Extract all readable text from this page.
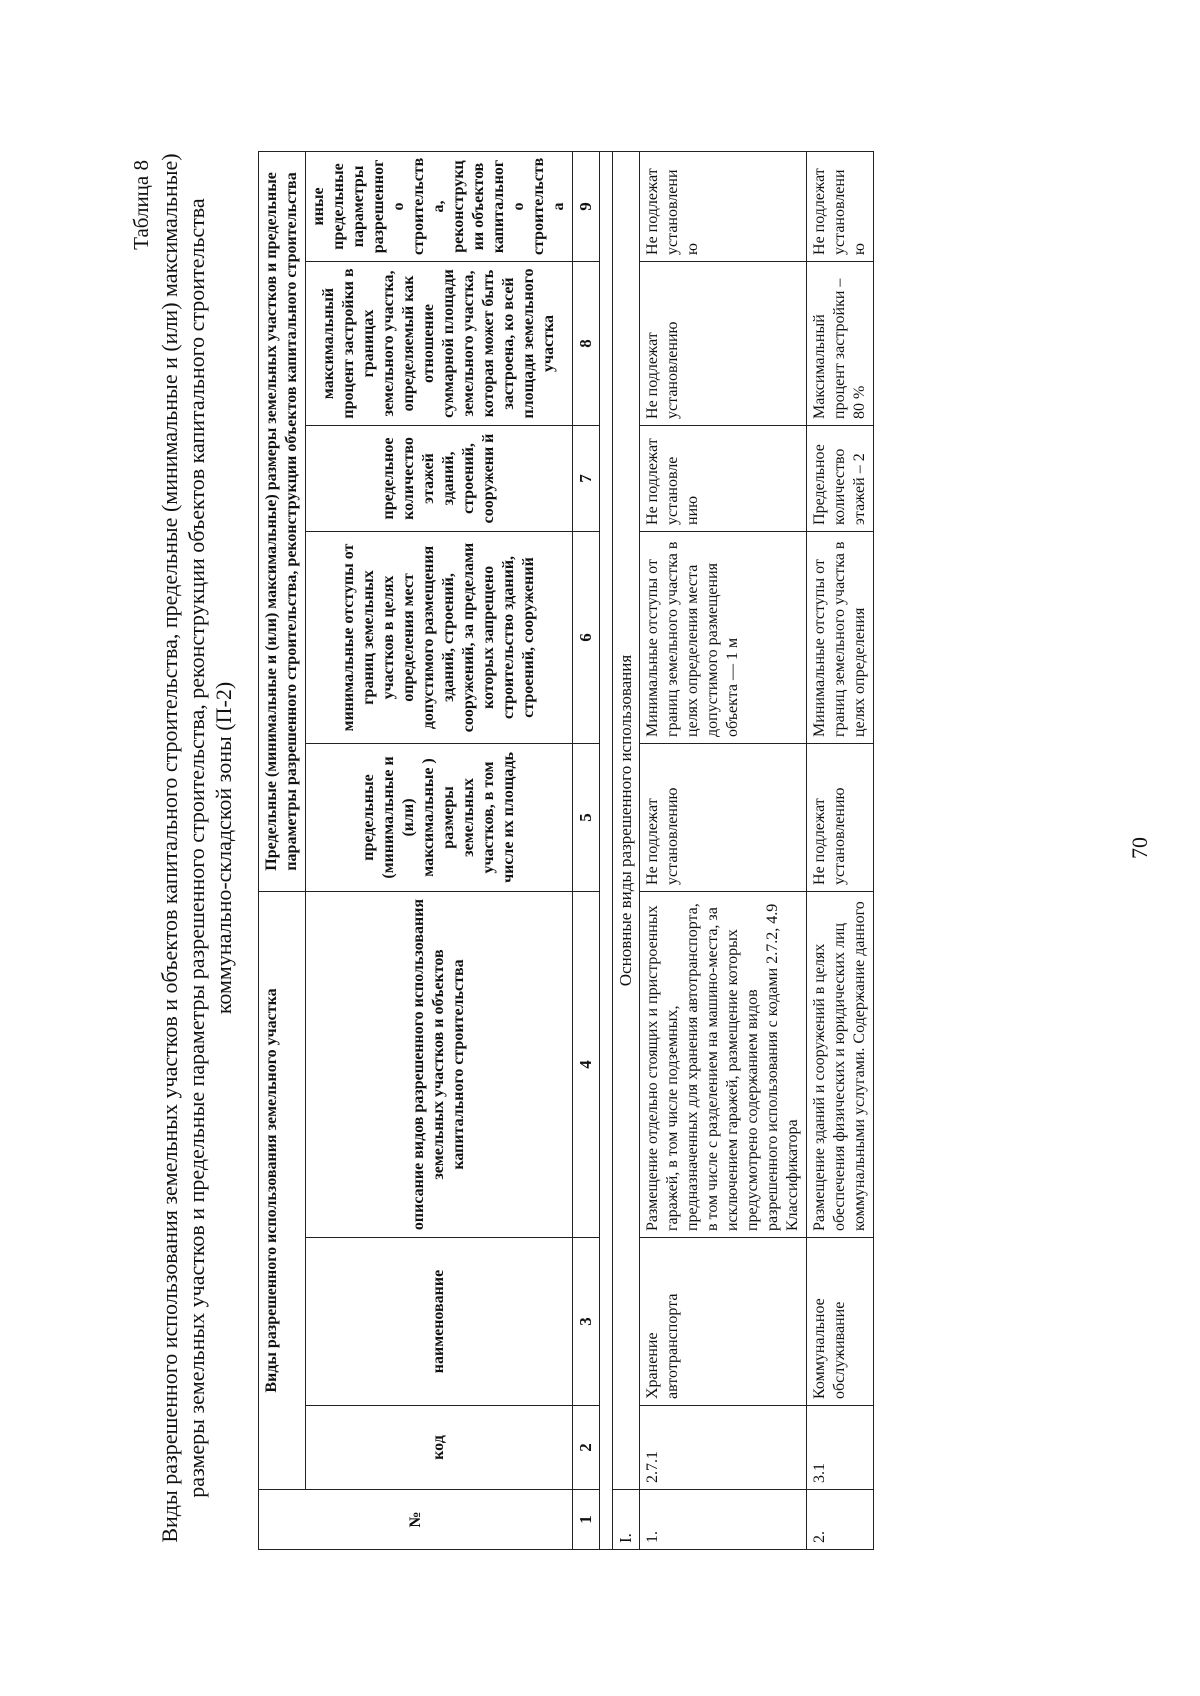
70
Таблица 8 Виды разрешенного использования земельных участков и объектов капитального строительства, предельные (минимальные и (или) максимальные) размеры земельных участков и предельные параметры разрешенного строительства, реконструкции объектов капитального строительства коммунально-складской зоны (П-2)
№	Виды разрешенного использования земельного участка			Предельные (минимальные и (или) максимальные) размеры земельных участков и предельные параметры разрешенного строительства, реконструкции объектов капитального строительства				
	код	наименование	описание видов разрешенного использования земельных участков и объектов капитального строительства	предельные (минимальные и (или) максимальные ) размеры земельных участков, в том числе их площадь	минимальные отступы от границ земельных участков в целях определения мест допустимого размещения зданий, строений, сооружений, за пределами которых запрещено строительство зданий, строений, сооружений	предельное количество этажей зданий, строений, сооружени й	максимальный процент застройки в границах земельного участка, определяемый как отношение суммарной площади земельного участка, которая может быть застроена, ко всей площади земельного участка	иные предельные параметры разрешенног о строительств а, реконструкц ии объектов капитальног о строительств а
1	2	3	4	5	6	7	8	9

I.	Основные виды разрешенного использования							
1.	2.7.1	Хранение автотранспорта	Размещение отдельно стоящих и пристроенных гаражей, в том числе подземных, предназначенных для хранения автотранспорта, в том числе с разделением на машино-места, за исключением гаражей, размещение которых предусмотрено содержанием видов разрешенного использования с кодами 2.7.2, 4.9 Классификатора	Не подлежат установлению	Минимальные отступы от границ земельного участка в целях определения места допустимого размещения объекта — 1 м	Не подлежат установле нию	Не подлежат установлению	Не подлежат установлени ю
2.	3.1	Коммунальное обслуживание	Размещение зданий и сооружений в целях обеспечения физических и юридических лиц коммунальными услугами. Содержание данного	Не подлежат установлению	Минимальные отступы от границ земельного участка в целях определения	Предельное количество этажей – 2	Максимальный процент застройки – 80 %	Не подлежат установлени ю
